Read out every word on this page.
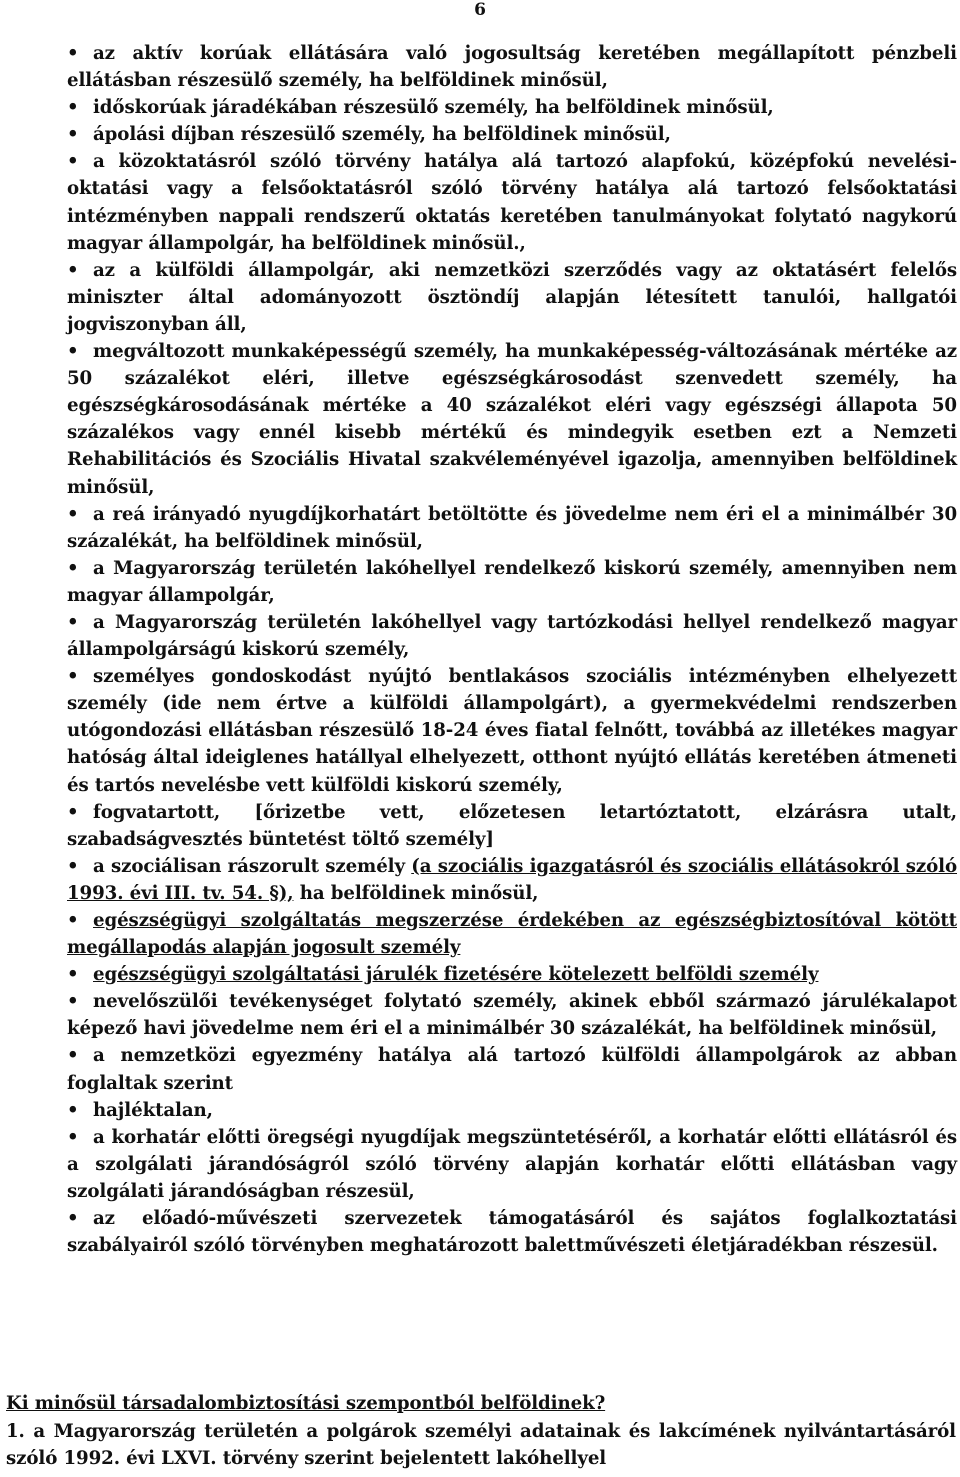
6
• az aktív korúak ellátására való jogosultság keretében megállapított pénzbeli ellátásban részesülő személy, ha belföldinek minősül,
• időskorúak járadékában részesülő személy, ha belföldinek minősül,
• ápolási díjban részesülő személy, ha belföldinek minősül,
• a közoktatásról szóló törvény hatálya alá tartozó alapfokú, középfokú nevelési-oktatási vagy a felsőoktatásról szóló törvény hatálya alá tartozó felsőoktatási intézményben nappali rendszerű oktatás keretében tanulmányokat folytató nagykorú magyar állampolgár, ha belföldinek minősül.,
• az a külföldi állampolgár, aki nemzetközi szerződés vagy az oktatásért felelős miniszter által adományozott ösztöndíj alapján létesített tanulói, hallgatói jogviszonyban áll,
• megváltozott munkaképességű személy, ha munkaképesség-változásának mértéke az 50 százalékot eléri, illetve egészségkárosodást szenvedett személy, ha egészségkárosodásának mértéke a 40 százalékot eléri vagy egészségi állapota 50 százalékos vagy ennél kisebb mértékű és mindegyik esetben ezt a Nemzeti Rehabilitációs és Szociális Hivatal szakvéleményével igazolja, amennyiben belföldinek minősül,
• a reá irányadó nyugdíjkorhatárt betöltötte és jövedelme nem éri el a minimálbér 30 százalékát, ha belföldinek minősül,
• a Magyarország területén lakóhellyel rendelkező kiskorú személy, amennyiben nem magyar állampolgár,
• a Magyarország területén lakóhellyel vagy tartózkodási hellyel rendelkező magyar állampolgárságú kiskorú személy,
• személyes gondoskodást nyújtó bentlakásos szociális intézményben elhelyezett személy (ide nem értve a külföldi állampolgárt), a gyermekvédelmi rendszerben utógondozási ellátásban részesülő 18-24 éves fiatal felnőtt, továbbá az illetékes magyar hatóság által ideiglenes hatállyal elhelyezett, otthont nyújtó ellátás keretében átmeneti és tartós nevelésbe vett külföldi kiskorú személy,
• fogvatartott, [őrizetbe vett, előzetesen letartóztatott, elzárásra utalt, szabadságvesztés büntetést töltő személy]
• a szociálisan rászorult személy (a szociális igazgatásról és szociális ellátásokról szóló 1993. évi III. tv. 54. §), ha belföldinek minősül,
• egészségügyi szolgáltatás megszerzése érdekében az egészségbiztosítóval kötött megállapodás alapján jogosult személy
• egészségügyi szolgáltatási járulék fizetésére kötelezett belföldi személy
• nevelőszülői tevékenységet folytató személy, akinek ebből származó járulékalapot képező havi jövedelme nem éri el a minimálbér 30 százalékát, ha belföldinek minősül,
• a nemzetközi egyezmény hatálya alá tartozó külföldi állampolgárok az abban foglaltak szerint
• hajléktalan,
• a korhatár előtti öregségi nyugdíjak megszüntetéséről, a korhatár előtti ellátásról és a szolgálati járandóságról szóló törvény alapján korhatár előtti ellátásban vagy szolgálati járandóságban részesül,
• az előadó-művészeti szervezetek támogatásáról és sajátos foglalkoztatási szabályairól szóló törvényben meghatározott balettművészeti életjáradékban részesül.
Ki minősül társadalombiztosítási szempontból belföldinek?
1. a Magyarország területén a polgárok személyi adatainak és lakcímének nyilvántartásáról szóló 1992. évi LXVI. törvény szerint bejelentett lakóhellyel
